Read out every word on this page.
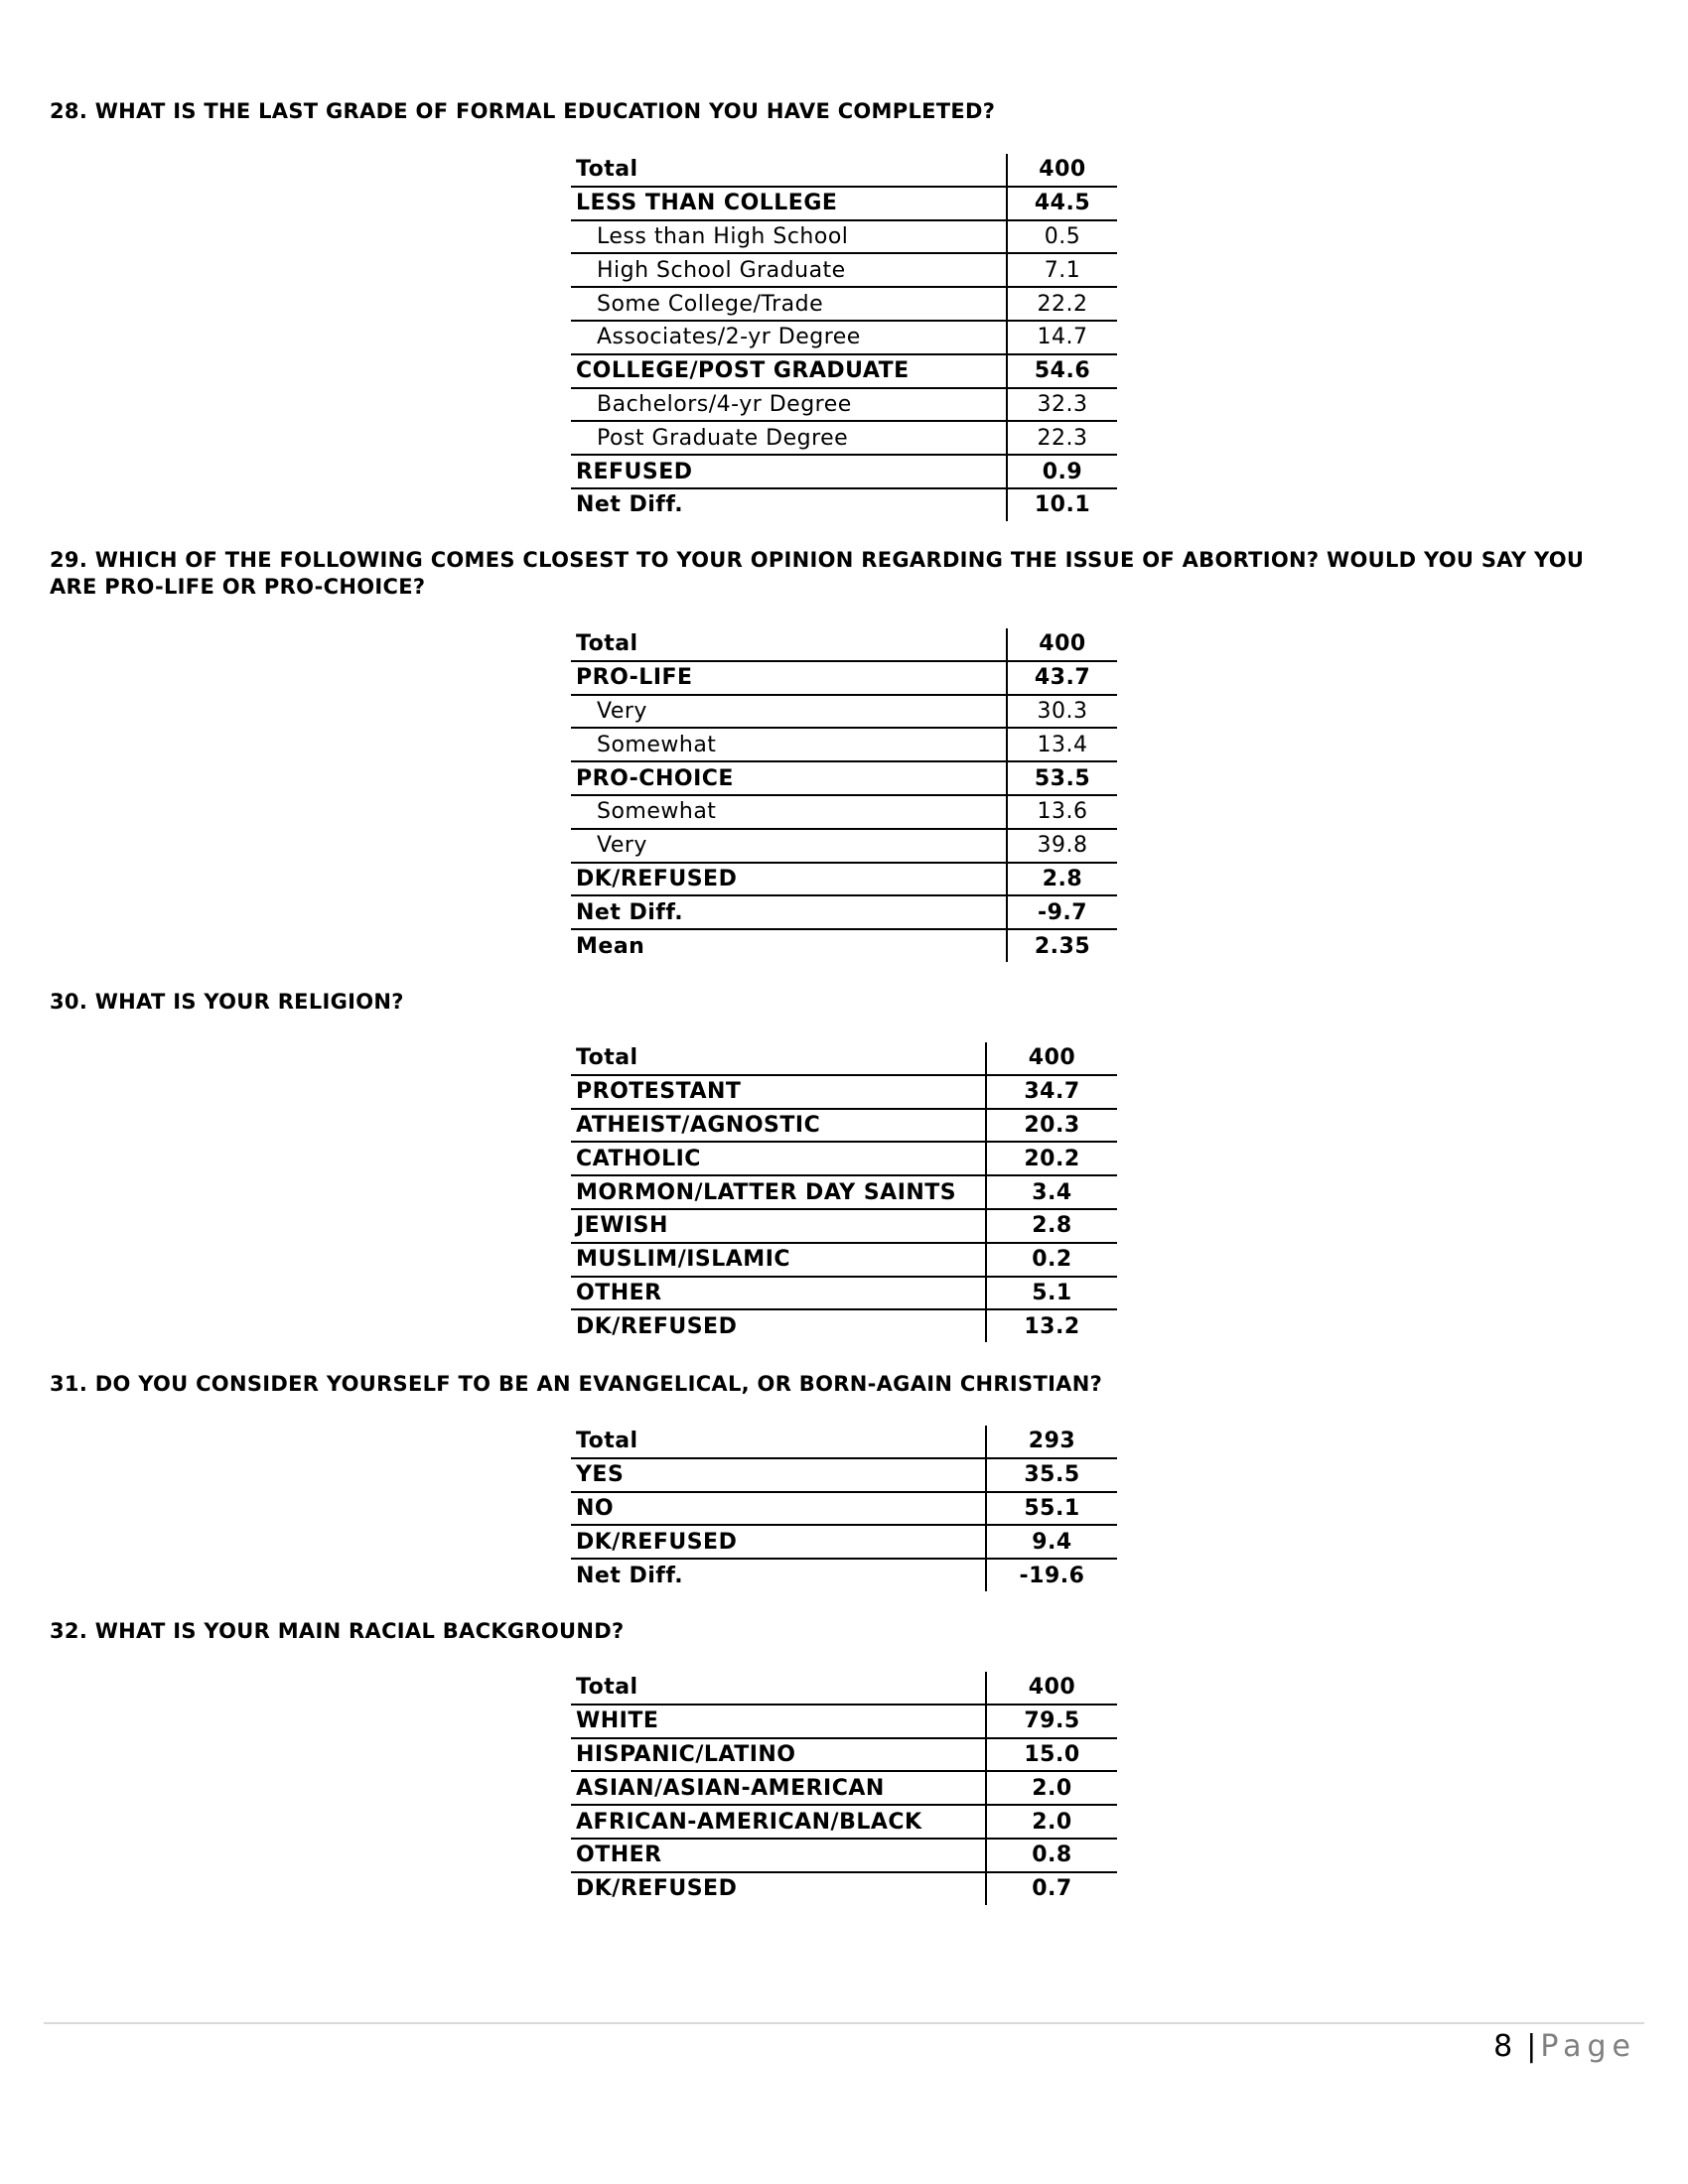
28. WHAT IS THE LAST GRADE OF FORMAL EDUCATION YOU HAVE COMPLETED?
Total	400
LESS THAN COLLEGE	44.5
Less than High School	0.5
High School Graduate	7.1
Some College/Trade	22.2
Associates/2-yr Degree	14.7
COLLEGE/POST GRADUATE	54.6
Bachelors/4-yr Degree	32.3
Post Graduate Degree	22.3
REFUSED	0.9
Net Diff.	10.1
29. WHICH OF THE FOLLOWING COMES CLOSEST TO YOUR OPINION REGARDING THE ISSUE OF ABORTION? WOULD YOU SAY YOU ARE PRO-LIFE OR PRO-CHOICE?
Total	400
PRO-LIFE	43.7
Very	30.3
Somewhat	13.4
PRO-CHOICE	53.5
Somewhat	13.6
Very	39.8
DK/REFUSED	2.8
Net Diff.	-9.7
Mean	2.35
30. WHAT IS YOUR RELIGION?
Total	400
PROTESTANT	34.7
ATHEIST/AGNOSTIC	20.3
CATHOLIC	20.2
MORMON/LATTER DAY SAINTS	3.4
JEWISH	2.8
MUSLIM/ISLAMIC	0.2
OTHER	5.1
DK/REFUSED	13.2
31. DO YOU CONSIDER YOURSELF TO BE AN EVANGELICAL, OR BORN-AGAIN CHRISTIAN?
Total	293
YES	35.5
NO	55.1
DK/REFUSED	9.4
Net Diff.	-19.6
32. WHAT IS YOUR MAIN RACIAL BACKGROUND?
Total	400
WHITE	79.5
HISPANIC/LATINO	15.0
ASIAN/ASIAN-AMERICAN	2.0
AFRICAN-AMERICAN/BLACK	2.0
OTHER	0.8
DK/REFUSED	0.7
8 | Page
